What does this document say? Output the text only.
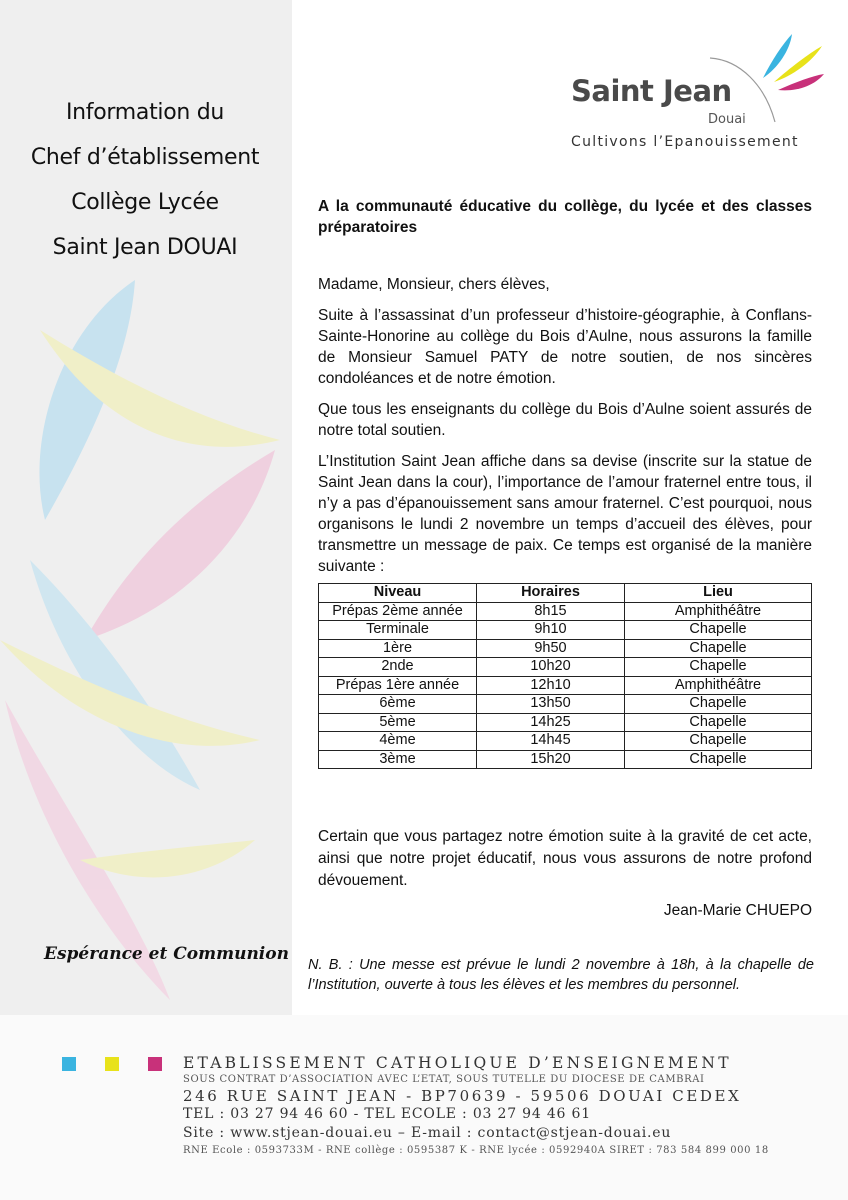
Information du
Chef d’établissement
Collège Lycée
Saint Jean DOUAI
Espérance et Communion
Saint Jean
Douai
Cultivons l’Epanouissement

A la communauté éducative du collège, du lycée et des classes préparatoires

Madame, Monsieur, chers élèves,

Suite à l’assassinat d’un professeur d’histoire-géographie, à Conflans-Sainte-Honorine au collège du Bois d’Aulne, nous assurons la famille de Monsieur Samuel PATY de notre soutien, de nos sincères condoléances et de notre émotion.

Que tous les enseignants du collège du Bois d’Aulne soient assurés de notre total soutien.

L’Institution Saint Jean affiche dans sa devise (inscrite sur la statue de Saint Jean dans la cour), l’importance de l’amour fraternel entre tous, il n’y a pas d’épanouissement sans amour fraternel. C’est pourquoi, nous organisons le lundi 2 novembre un temps d’accueil des élèves, pour transmettre un message de paix. Ce temps est organisé de la manière suivante :

Niveau	Horaires	Lieu
Prépas 2ème année	8h15	Amphithéâtre
Terminale	9h10	Chapelle
1ère	9h50	Chapelle
2nde	10h20	Chapelle
Prépas 1ère année	12h10	Amphithéâtre
6ème	13h50	Chapelle
5ème	14h25	Chapelle
4ème	14h45	Chapelle
3ème	15h20	Chapelle

Certain que vous partagez notre émotion suite à la gravité de cet acte, ainsi que notre projet éducatif, nous vous assurons de notre profond dévouement.

Jean-Marie CHUEPO
N. B. : Une messe est prévue le lundi 2 novembre à 18h, à la chapelle de l’Institution, ouverte à tous les élèves et les membres du personnel.
ETABLISSEMENT CATHOLIQUE D’ENSEIGNEMENT
SOUS CONTRAT D’ASSOCIATION AVEC L’ETAT, SOUS TUTELLE DU DIOCESE DE CAMBRAI
246 RUE SAINT JEAN - BP70639 - 59506 DOUAI CEDEX
TEL : 03 27 94 46 60 - TEL ECOLE : 03 27 94 46 61
Site : www.stjean-douai.eu – E-mail : contact@stjean-douai.eu
RNE Ecole : 0593733M - RNE collège : 0595387 K - RNE lycée : 0592940A SIRET : 783 584 899 000 18
